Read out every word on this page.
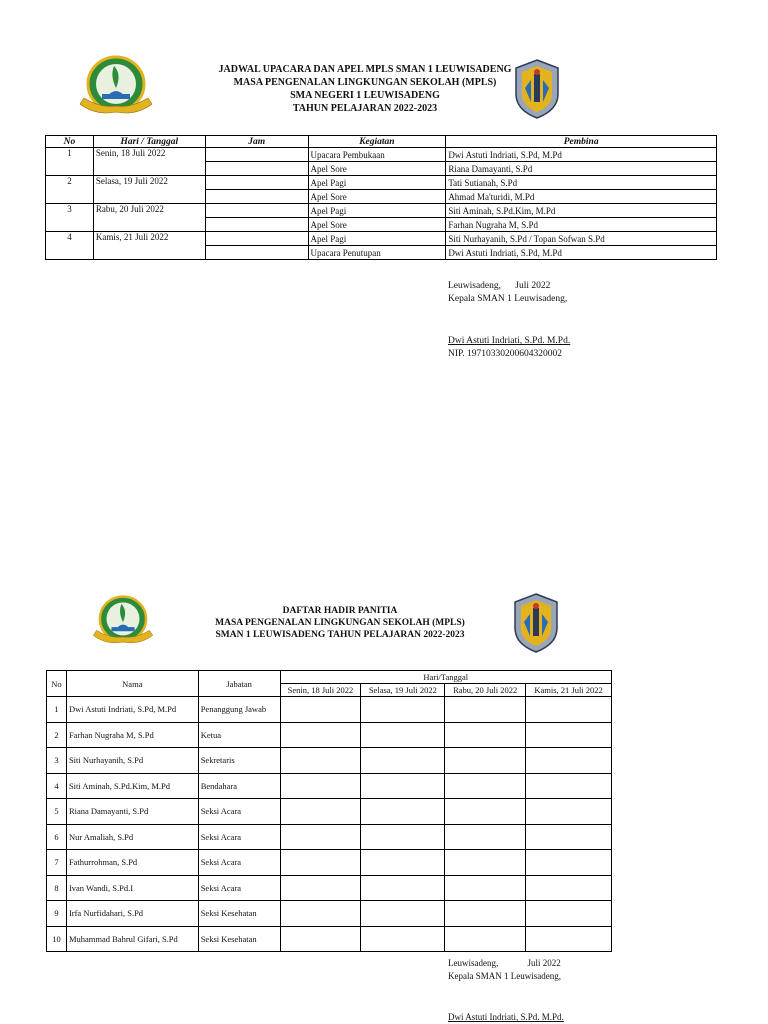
JADWAL UPACARA DAN APEL MPLS SMAN 1 LEUWISADENG
MASA PENGENALAN LINGKUNGAN SEKOLAH (MPLS)
SMA NEGERI 1 LEUWISADENG
TAHUN PELAJARAN 2022-2023
No	Hari / Tanggal	Jam	Kegiatan	Pembina
1	Senin, 18 Juli 2022		Upacara Pembukaan	Dwi Astuti Indriati, S.Pd, M.Pd
			Apel Sore	Riana Damayanti, S.Pd
2	Selasa, 19 Juli 2022		Apel Pagi	Tati Sutianah, S.Pd
			Apel Sore	Ahmad Ma'turidi, M.Pd
3	Rabu, 20 Juli 2022		Apel Pagi	Siti Aminah, S.Pd.Kim, M.Pd
			Apel Sore	Farhan Nugraha M, S.Pd
4	Kamis, 21 Juli 2022		Apel Pagi	Siti Nurhayanih, S.Pd / Topan Sofwan S.Pd
			Upacara Penutupan	Dwi Astuti Indriati, S.Pd, M.Pd
Leuwisadeng,      Juli 2022
Kepala SMAN 1 Leuwisadeng,
Dwi Astuti Indriati, S.Pd. M.Pd.
NIP. 19710330200604320002
DAFTAR HADIR PANITIA
MASA PENGENALAN LINGKUNGAN SEKOLAH (MPLS)
SMAN 1 LEUWISADENG TAHUN PELAJARAN 2022-2023
No	Nama	Jabatan	Hari/Tanggal			
			Senin, 18 Juli 2022	Selasa, 19 Juli 2022	Rabu, 20 Juli 2022	Kamis, 21 Juli 2022
1	Dwi Astuti Indriati, S.Pd, M.Pd	Penanggung Jawab				
2	Farhan Nugraha M, S.Pd	Ketua				
3	Siti Nurhayanih, S.Pd	Sekretaris				
4	Siti Aminah, S.Pd.Kim, M.Pd	Bendahara				
5	Riana Damayanti, S.Pd	Seksi Acara				
6	Nur Amaliah, S.Pd	Seksi Acara				
7	Fathurrohman, S.Pd	Seksi Acara				
8	Ivan Wandi, S.Pd.I	Seksi Acara				
9	Irfa Nurfidahari, S.Pd	Seksi Kesehatan				
10	Muhammad Bahrul Gifari, S.Pd	Seksi Kesehatan				
Leuwisadeng,             Juli 2022
Kepala SMAN 1 Leuwisadeng,
Dwi Astuti Indriati, S.Pd. M.Pd.
